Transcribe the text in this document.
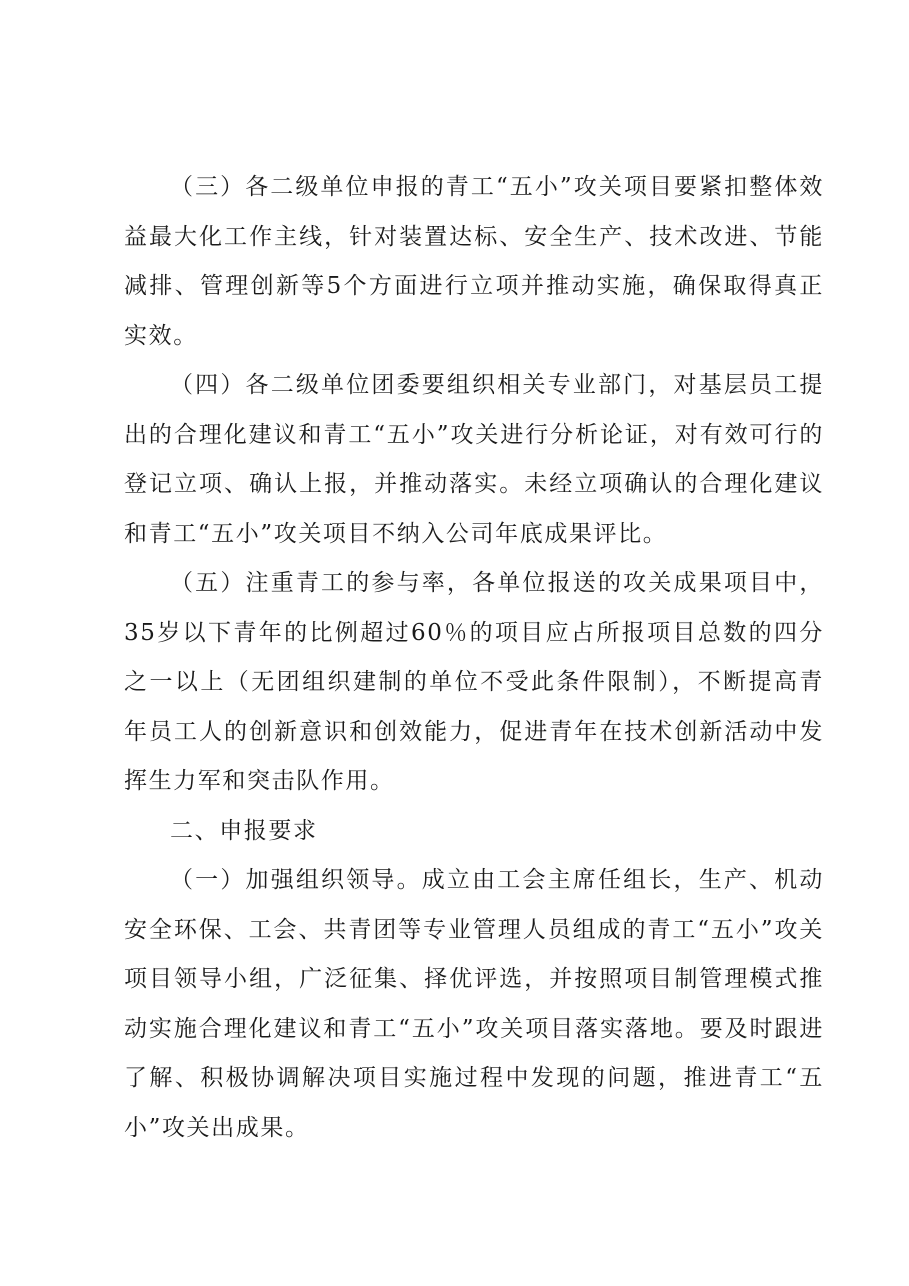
（三）各二级单位申报的青工“五小”攻关项目要紧扣整体效益最大化工作主线，针对装置达标、安全生产、技术改进、节能减排、管理创新等5个方面进行立项并推动实施，确保取得真正实效。

（四）各二级单位团委要组织相关专业部门，对基层员工提出的合理化建议和青工“五小”攻关进行分析论证，对有效可行的登记立项、确认上报，并推动落实。未经立项确认的合理化建议和青工“五小”攻关项目不纳入公司年底成果评比。

（五）注重青工的参与率，各单位报送的攻关成果项目中，35岁以下青年的比例超过60％的项目应占所报项目总数的四分之一以上（无团组织建制的单位不受此条件限制），不断提高青年员工人的创新意识和创效能力，促进青年在技术创新活动中发挥生力军和突击队作用。

二、申报要求

（一）加强组织领导。成立由工会主席任组长，生产、机动安全环保、工会、共青团等专业管理人员组成的青工“五小”攻关项目领导小组，广泛征集、择优评选，并按照项目制管理模式推动实施合理化建议和青工“五小”攻关项目落实落地。要及时跟进了解、积极协调解决项目实施过程中发现的问题，推进青工“五小”攻关出成果。
